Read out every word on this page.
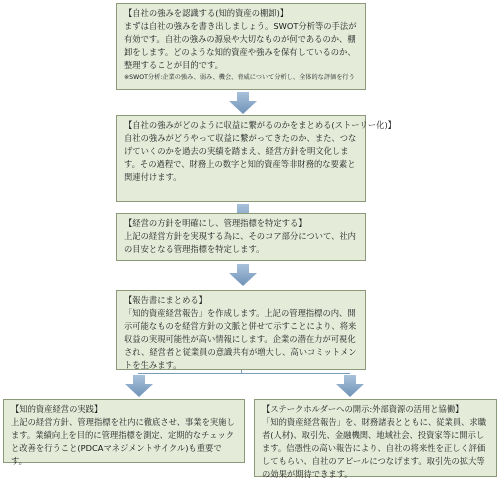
【自社の強みを認識する(知的資産の棚卸)】

まずは自社の強みを書き出しましょう。SWOT分析等の手法が有効です。自社の強みの源泉や大切なものが何であるのか、棚卸をします。どのような知的資産や強みを保有しているのか、整理することが目的です。

※SWOT分析:企業の強み、弱み、機会、脅威について分析し、全体的な評価を行う
【自社の強みがどのように収益に繋がるのかをまとめる(ストーリー化)】

自社の強みがどうやって収益に繋がってきたのか、また、つなげていくのかを過去の実績を踏まえ、経営方針を明文化します。その過程で、財務上の数字と知的資産等非財務的な要素と関連付けます。

【経営の方針を明確にし、管理指標を特定する】

上記の経営方針を実現する為に、そのコア部分について、社内の目安となる管理指標を特定します。

【報告書にまとめる】

「知的資産経営報告」を作成します。上記の管理指標の内、開示可能なものを経営方針の文脈と併せて示すことにより、将来収益の実現可能性が高い情報にします。企業の潜在力が可視化され、経営者と従業員の意識共有が増大し、高いコミットメントを生みます。

【知的資産経営の実践】

上記の経営方針、管理指標を社内に徹底させ、事業を実施します。業績向上を目的に管理指標を測定、定期的なチェックと改善を行うこと(PDCAマネジメントサイクル)も重要です。

【ステークホルダーへの開示:外部資源の活用と協働】

「知的資産経営報告」を、財務諸表とともに、従業員、求職者(人材)、取引先、金融機関、地域社会、投資家等に開示します。信憑性の高い報告により、自社の将来性を正しく評価してもらい、自社のアピールにつなげます。取引先の拡大等の効果が期待できます。
